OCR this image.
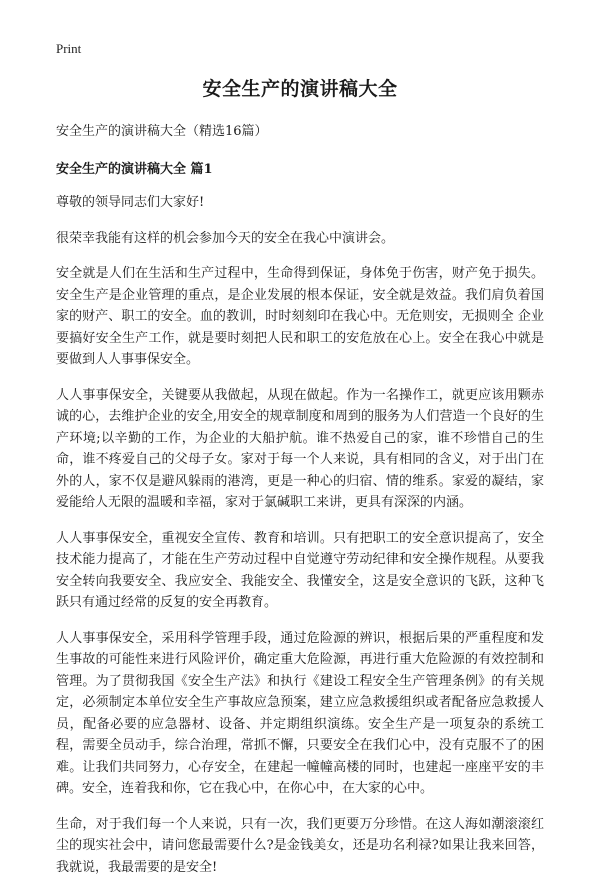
Print
安全生产的演讲稿大全
安全生产的演讲稿大全（精选16篇）
安全生产的演讲稿大全 篇1

尊敬的领导同志们大家好!

很荣幸我能有这样的机会参加今天的安全在我心中演讲会。

安全就是人们在生活和生产过程中，生命得到保证，身体免于伤害，财产免于损失。安全生产是企业管理的重点，是企业发展的根本保证，安全就是效益。我们肩负着国家的财产、职工的安全。血的教训，时时刻刻印在我心中。无危则安，无损则全 企业要搞好安全生产工作，就是要时刻把人民和职工的安危放在心上。安全在我心中就是要做到人人事事保安全。

人人事事保安全，关键要从我做起，从现在做起。作为一名操作工，就更应该用颗赤诚的心，去维护企业的安全,用安全的规章制度和周到的服务为人们营造一个良好的生产环境;以辛勤的工作，为企业的大船护航。谁不热爱自己的家，谁不珍惜自己的生命，谁不疼爱自己的父母子女。家对于每一个人来说，具有相同的含义，对于出门在外的人，家不仅是避风躲雨的港湾，更是一种心的归宿、情的维系。家爱的凝结，家爱能给人无限的温暖和幸福，家对于氯碱职工来讲，更具有深深的内涵。

人人事事保安全，重视安全宣传、教育和培训。只有把职工的安全意识提高了，安全技术能力提高了，才能在生产劳动过程中自觉遵守劳动纪律和安全操作规程。从要我安全转向我要安全、我应安全、我能安全、我懂安全，这是安全意识的飞跃，这种飞跃只有通过经常的反复的安全再教育。

人人事事保安全，采用科学管理手段，通过危险源的辨识，根据后果的严重程度和发生事故的可能性来进行风险评价，确定重大危险源，再进行重大危险源的有效控制和管理。为了贯彻我国《安全生产法》和执行《建设工程安全生产管理条例》的有关规定，必须制定本单位安全生产事故应急预案，建立应急救援组织或者配备应急救援人员，配备必要的应急器材、设备、并定期组织演练。安全生产是一项复杂的系统工程，需要全员动手，综合治理，常抓不懈，只要安全在我们心中，没有克服不了的困难。让我们共同努力，心存安全，在建起一幢幢高楼的同时，也建起一座座平安的丰碑。安全，连着我和你，它在我心中，在你心中，在大家的心中。

生命，对于我们每一个人来说，只有一次，我们更要万分珍惜。在这人海如潮滚滚红尘的现实社会中，请问您最需要什么?是金钱美女，还是功名利禄?如果让我来回答，我就说，我最需要的是安全!
